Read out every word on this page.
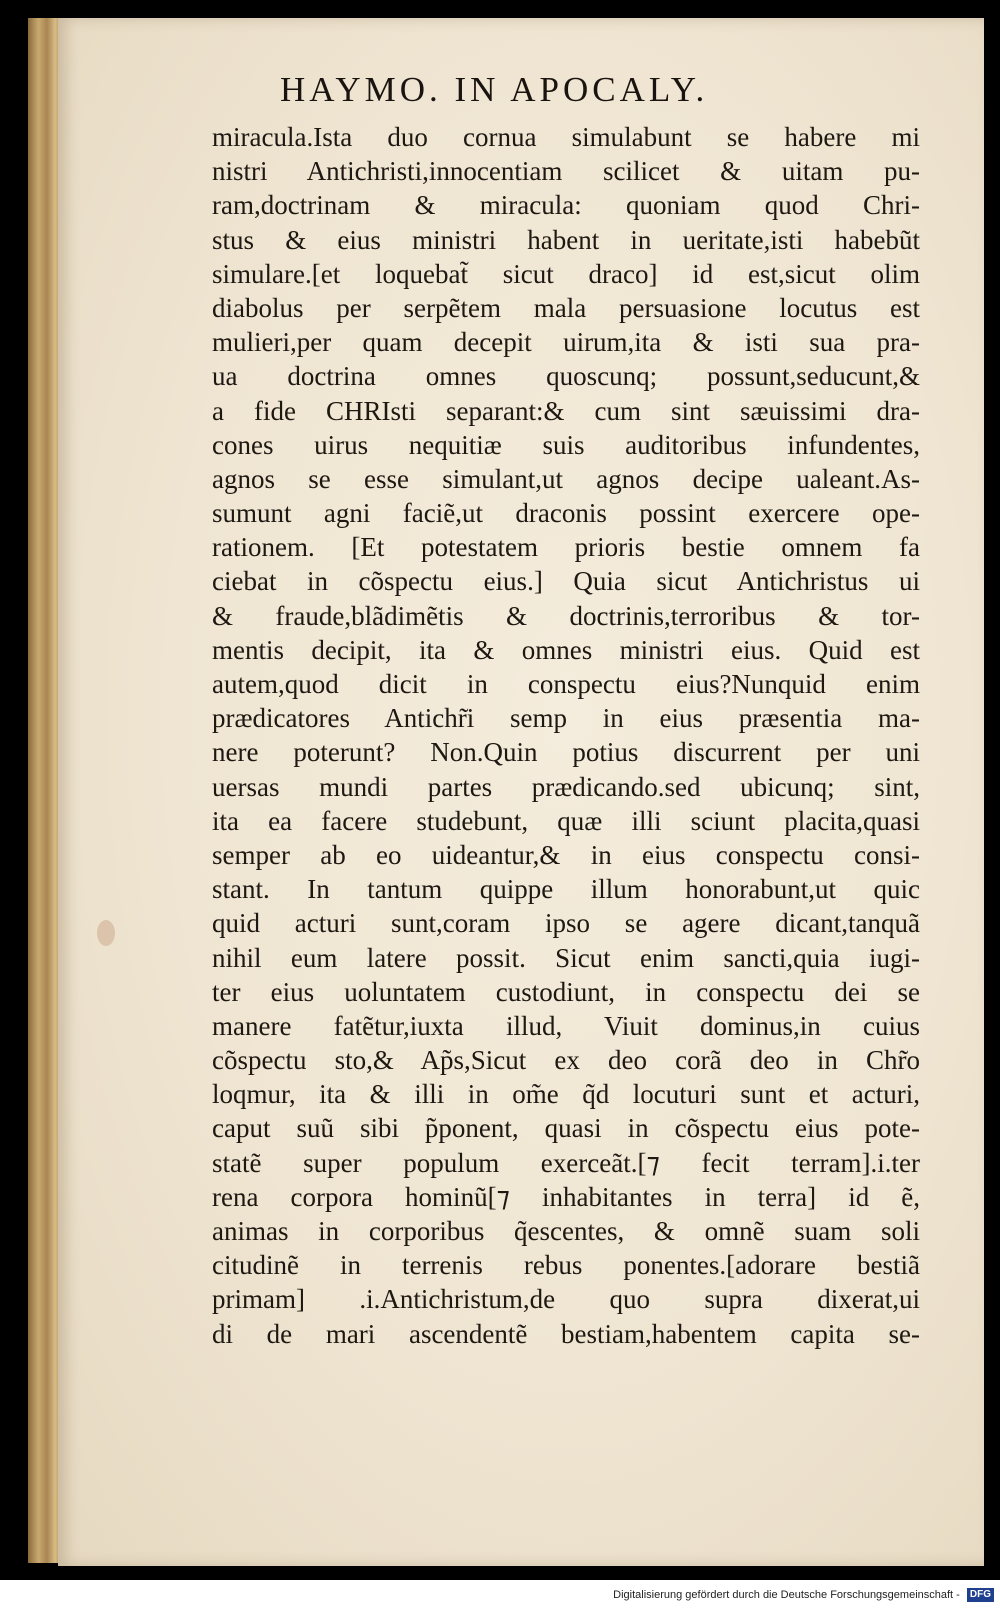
HAYMO. IN APOCALY.
miracula.Ista duo cornua simulabunt se habere mi
nistri Antichristi,innocentiam scilicet & uitam pu-
ram,doctrinam & miracula: quoniam quod Chri-
stus & eius ministri habent in ueritate,isti habebũt
simulare.[et loquebat̃ sicut draco] id est,sicut olim
diabolus per serpẽtem mala persuasione locutus est
mulieri,per quam decepit uirum,ita & isti sua pra-
ua doctrina omnes quoscunq; possunt,seducunt,&
a fide CHRIsti separant:& cum sint sæuissimi dra-
cones uirus nequitiæ suis auditoribus infundentes,
agnos se esse simulant,ut agnos decipe ualeant.As-
sumunt agni faciẽ,ut draconis possint exercere ope-
rationem. [Et potestatem prioris bestie omnem fa
ciebat in cõspectu eius.] Quia sicut Antichristus ui
& fraude,blãdimẽtis & doctrinis,terroribus & tor-
mentis decipit, ita & omnes ministri eius. Quid est
autem,quod dicit in conspectu eius?Nunquid enim
prædicatores Antichr̃i semp in eius præsentia ma-
nere poterunt? Non.Quin potius discurrent per uni
uersas mundi partes prædicando.sed ubicunq; sint,
ita ea facere studebunt, quæ illi sciunt placita,quasi
semper ab eo uideantur,& in eius conspectu consi-
stant. In tantum quippe illum honorabunt,ut quic
quid acturi sunt,coram ipso se agere dicant,tanquã
nihil eum latere possit. Sicut enim sancti,quia iugi-
ter eius uoluntatem custodiunt, in conspectu dei se
manere fatẽtur,iuxta illud, Viuit dominus,in cuius
cõspectu sto,& Ap̃s,Sicut ex deo corã deo in Chr̃o
loqmur, ita & illi in om̃e q̃d locuturi sunt et acturi,
caput suũ sibi p̃ponent, quasi in cõspectu eius pote-
statẽ super populum exerceãt.[⁊ fecit terram].i.ter
rena corpora hominũ[⁊ inhabitantes in terra] id ẽ,
animas in corporibus q̃escentes, & omnẽ suam soli
citudinẽ in terrenis rebus ponentes.[adorare bestiã
primam] .i.Antichristum,de quo supra dixerat,ui
di de mari ascendentẽ bestiam,habentem capita se-
Digitalisierung gefördert durch die Deutsche Forschungsgemeinschaft - DFG
